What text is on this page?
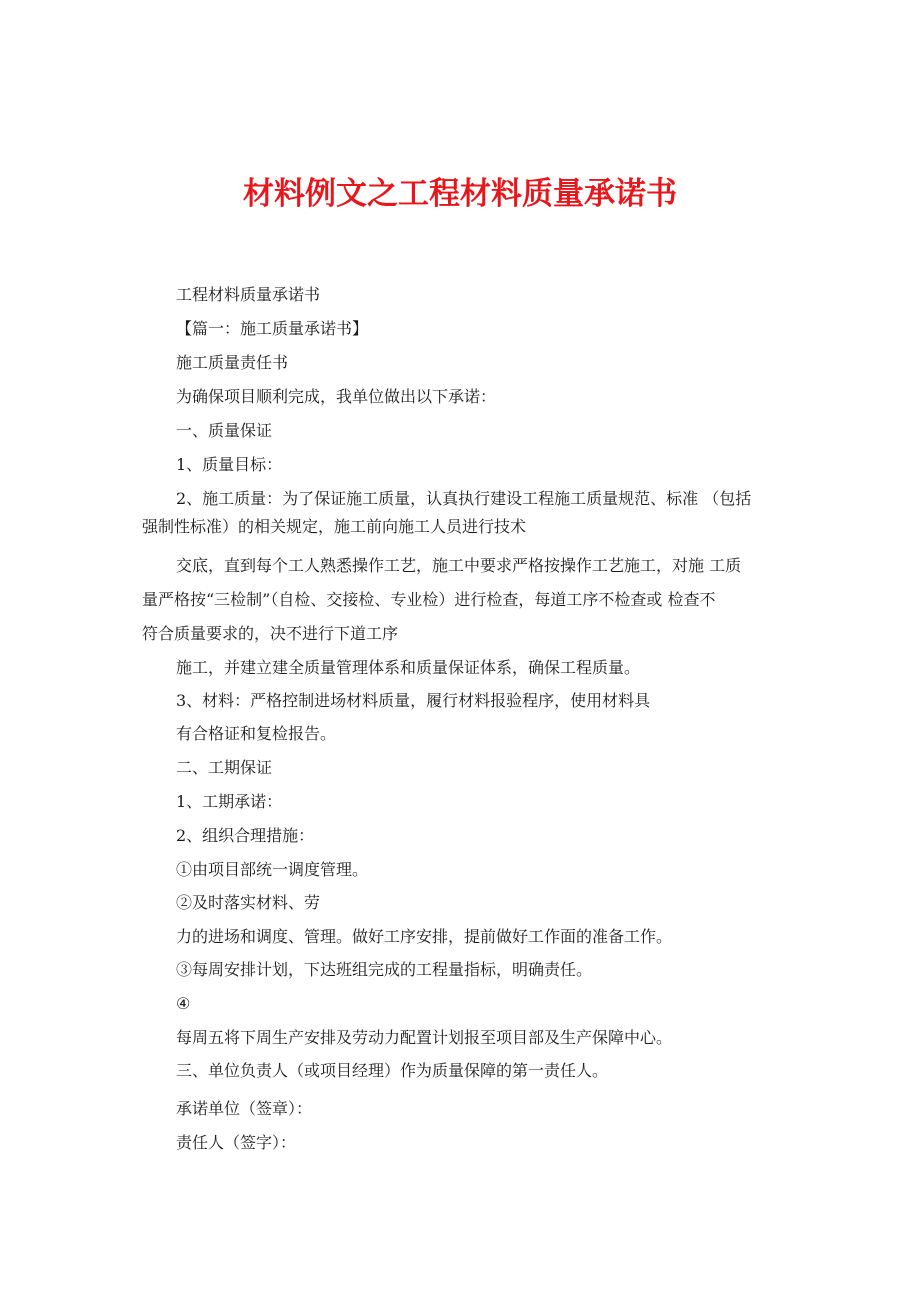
材料例文之工程材料质量承诺书
工程材料质量承诺书
【篇一：施工质量承诺书】
施工质量责任书
为确保项目顺利完成，我单位做出以下承诺：
一、质量保证
1、质量目标：
2、施工质量：为了保证施工质量，认真执行建设工程施工质量规范、标准 （包括
强制性标准）的相关规定，施工前向施工人员进行技术
交底，直到每个工人熟悉操作工艺，施工中要求严格按操作工艺施工，对施 工质
量严格按“三检制”（自检、交接检、专业检）进行检查，每道工序不检查或 检查不
符合质量要求的，决不进行下道工序
施工，并建立建全质量管理体系和质量保证体系，确保工程质量。
3、材料：严格控制进场材料质量，履行材料报验程序，使用材料具
有合格证和复检报告。
二、工期保证
1、工期承诺：
2、组织合理措施：
①由项目部统一调度管理。
②及时落实材料、劳
力的进场和调度、管理。做好工序安排，提前做好工作面的准备工作。
③每周安排计划，下达班组完成的工程量指标，明确责任。
④
每周五将下周生产安排及劳动力配置计划报至项目部及生产保障中心。
三、单位负责人（或项目经理）作为质量保障的第一责任人。
承诺单位（签章）：
责任人（签字）：
